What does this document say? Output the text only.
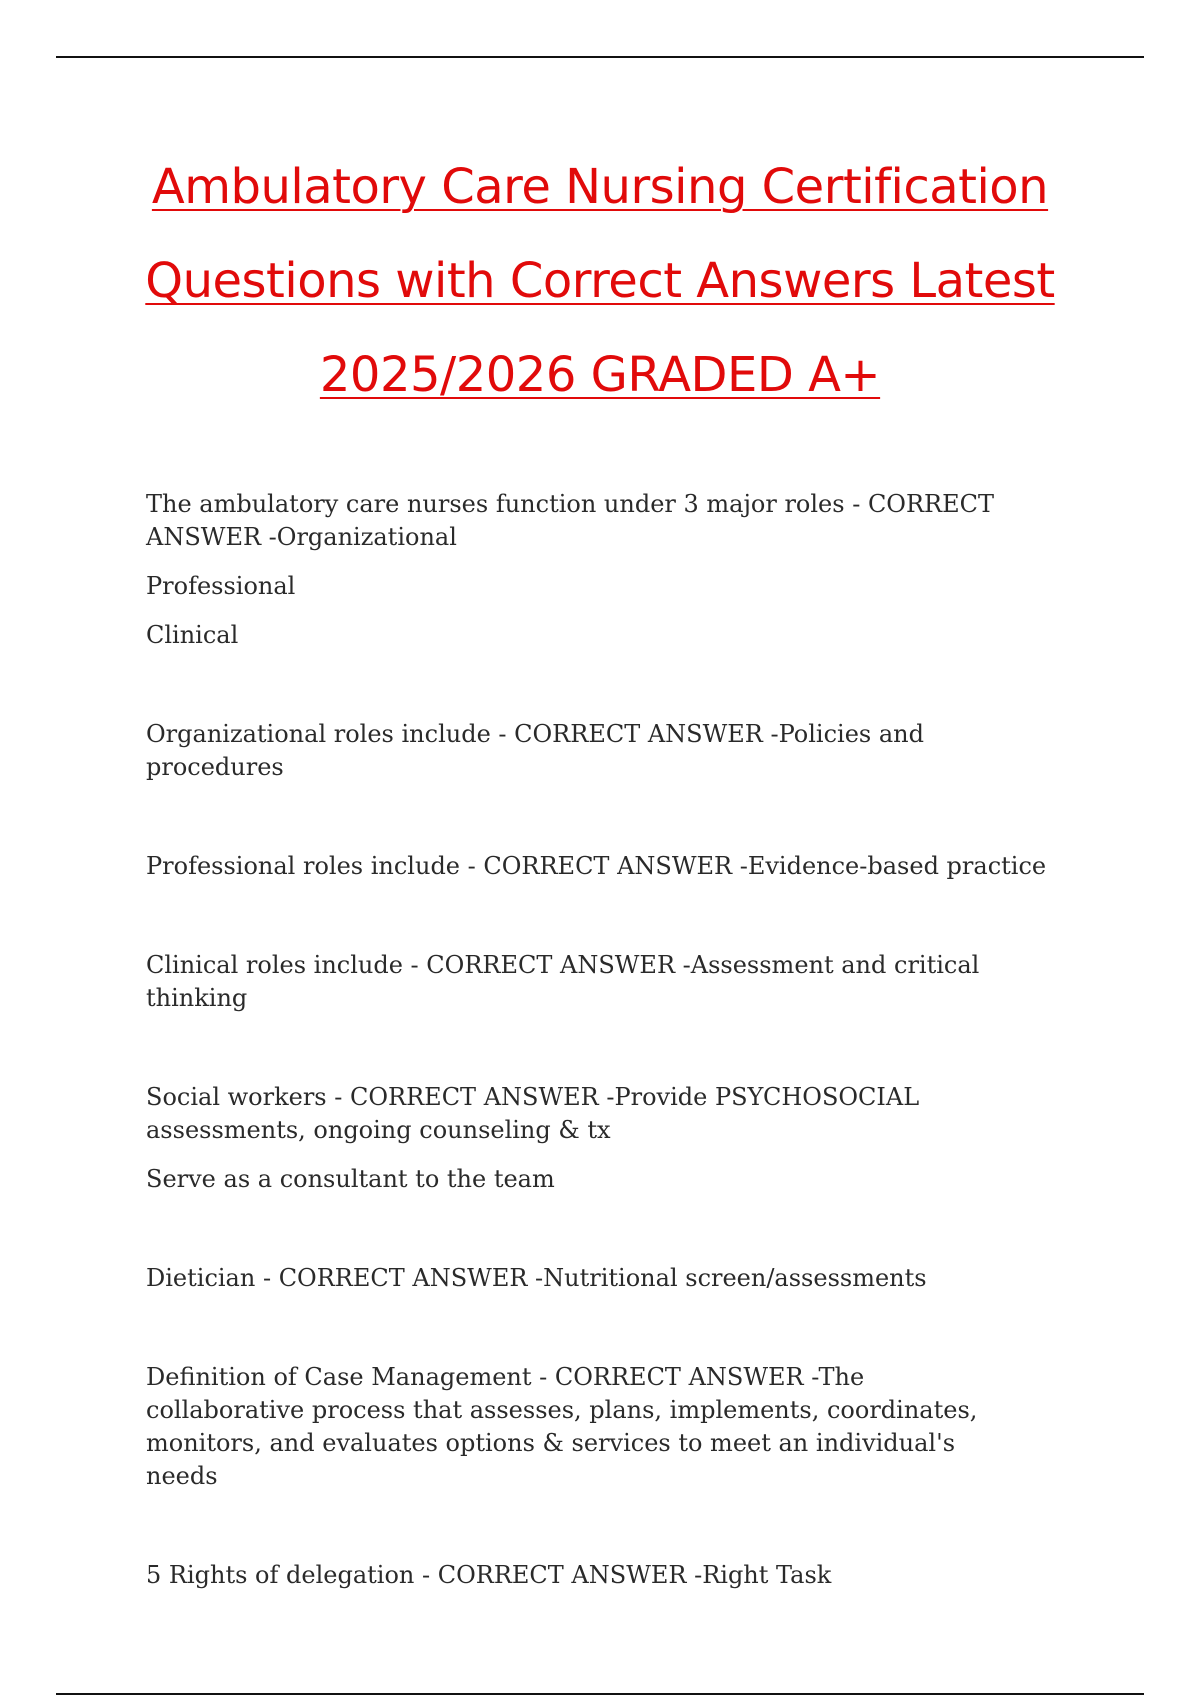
Ambulatory Care Nursing Certification
Questions with Correct Answers Latest
2025/2026 GRADED A+

The ambulatory care nurses function under 3 major roles - CORRECT ANSWER -Organizational

Professional

Clinical

Organizational roles include - CORRECT ANSWER -Policies and procedures

Professional roles include - CORRECT ANSWER -Evidence-based practice

Clinical roles include - CORRECT ANSWER -Assessment and critical thinking

Social workers - CORRECT ANSWER -Provide PSYCHOSOCIAL assessments, ongoing counseling & tx

Serve as a consultant to the team

Dietician - CORRECT ANSWER -Nutritional screen/assessments

Definition of Case Management - CORRECT ANSWER -The collaborative process that assesses, plans, implements, coordinates, monitors, and evaluates options & services to meet an individual's needs

5 Rights of delegation - CORRECT ANSWER -Right Task
